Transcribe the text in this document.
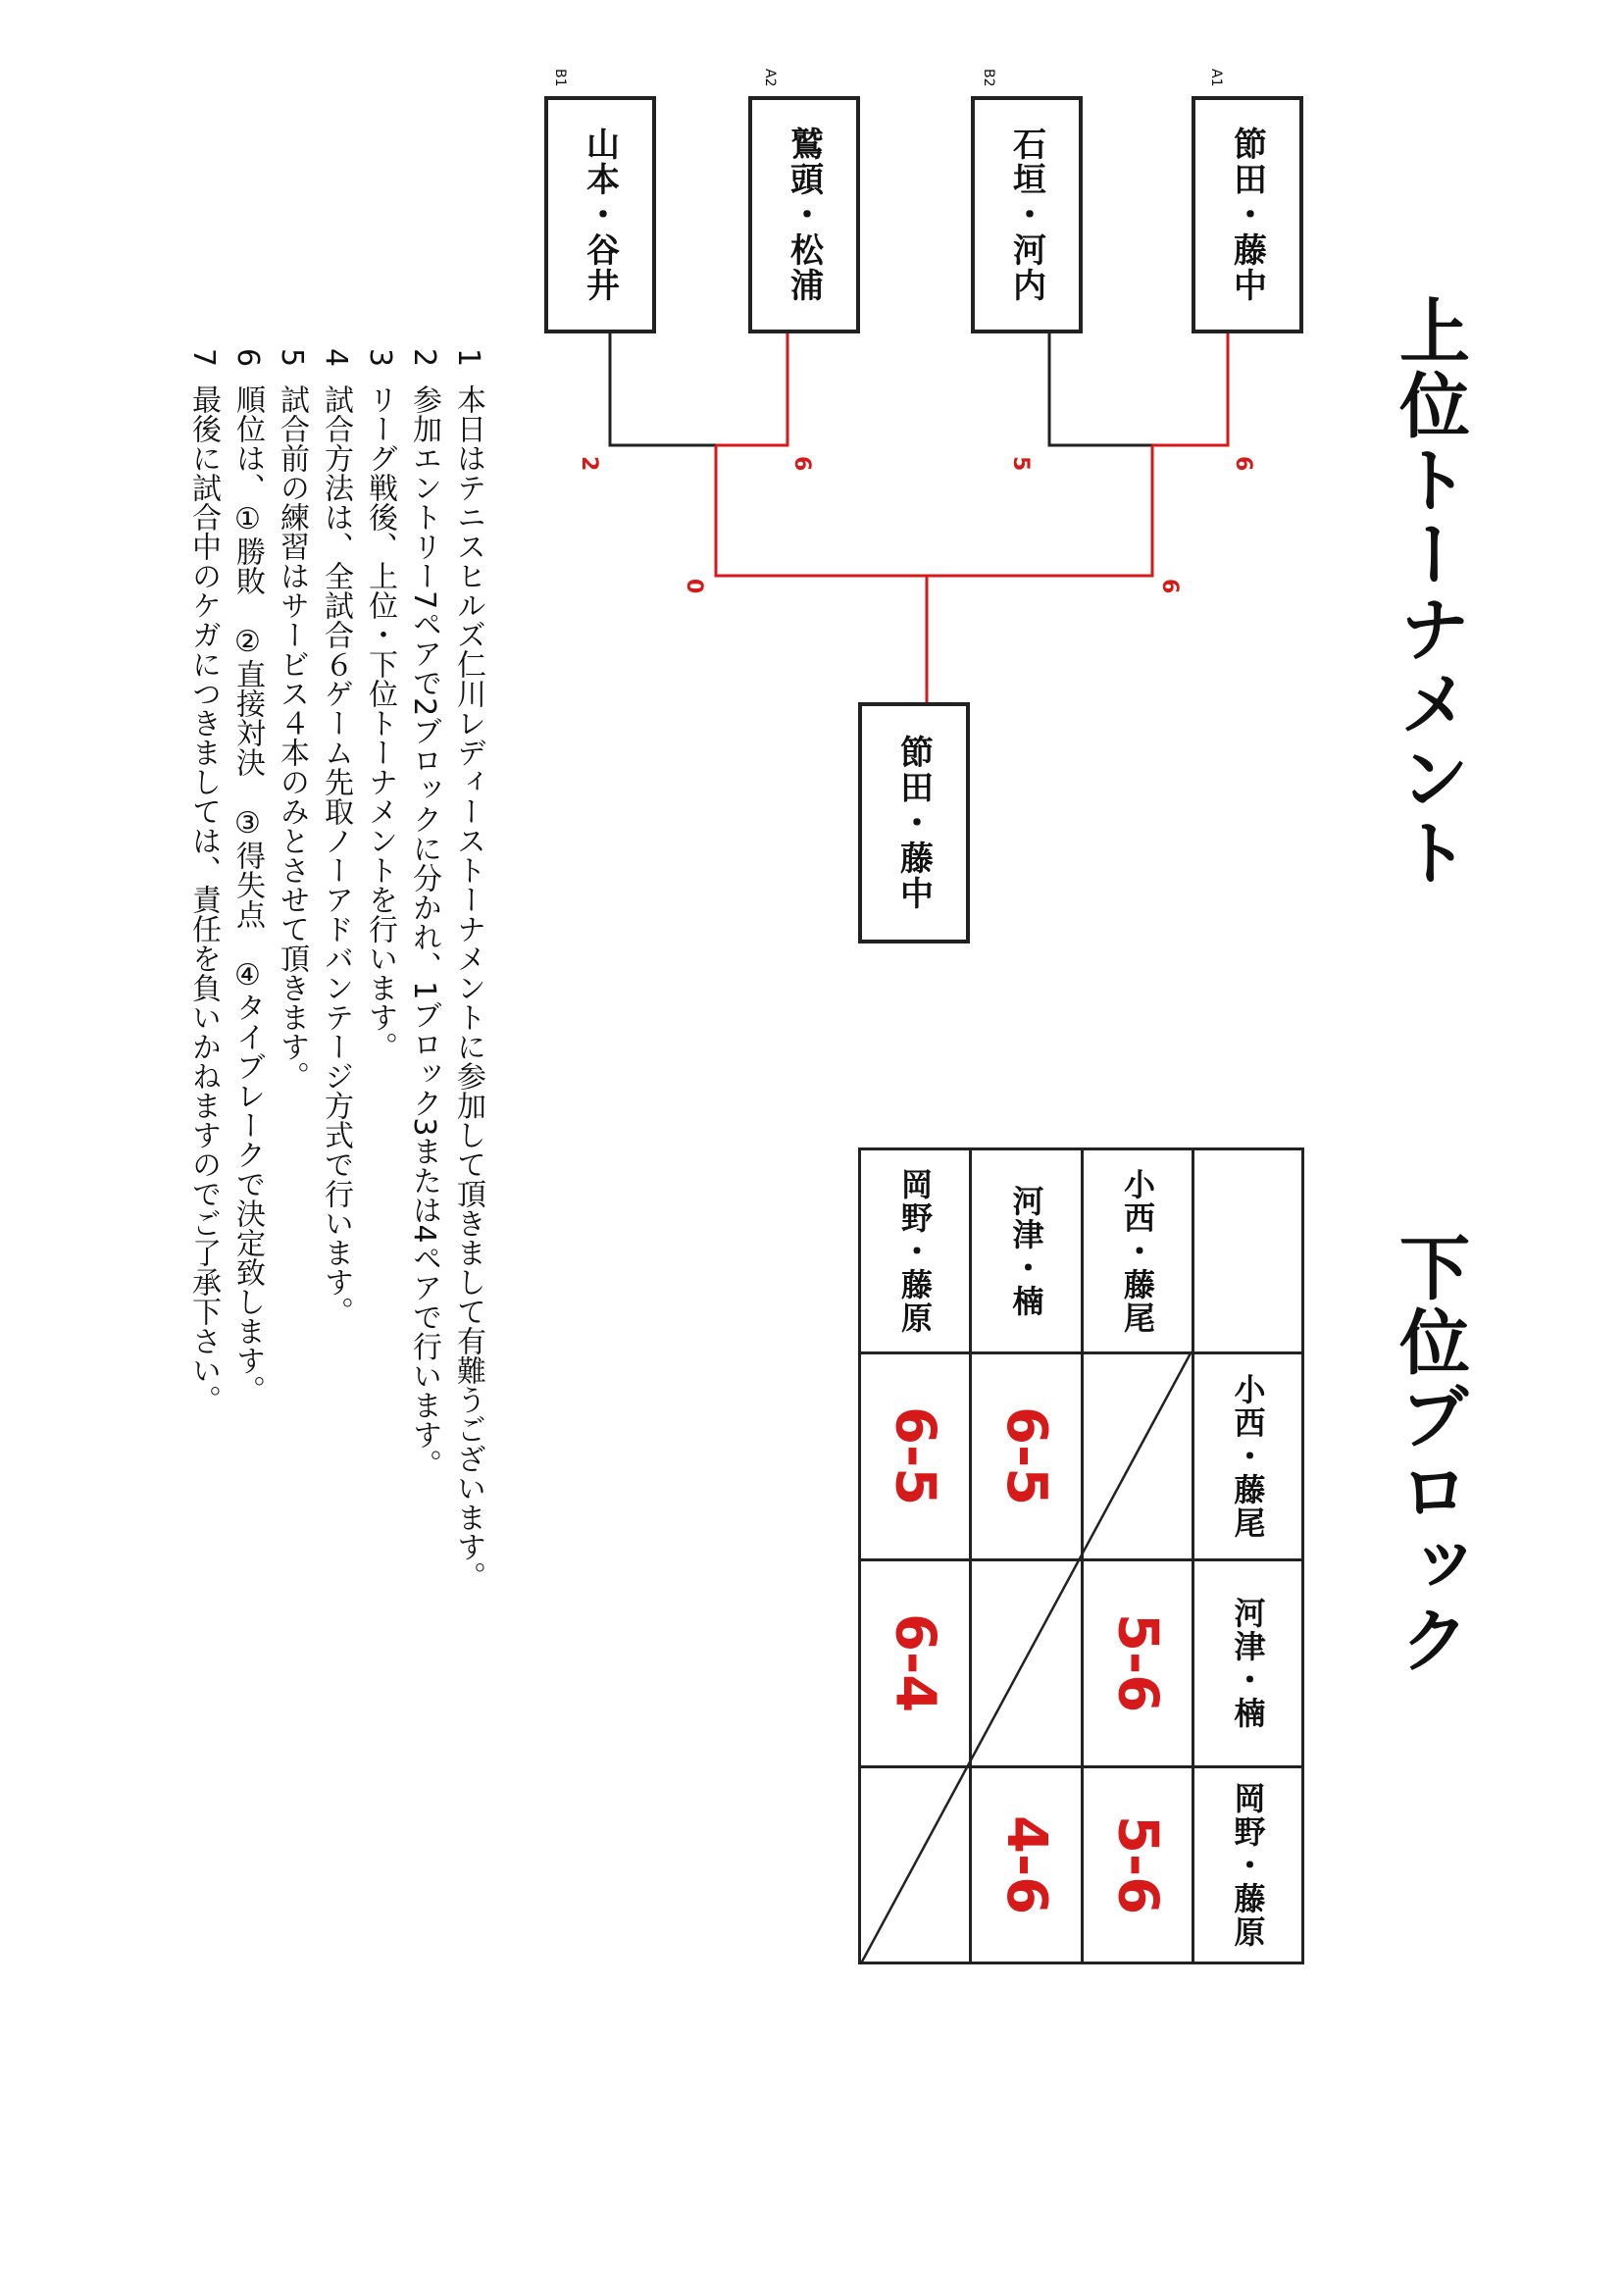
上位トーナメント
下位ブロック
A1
節田・藤中
6
B2
石垣・河内
5
A2
鷲頭・松浦
6
B1
山本・谷井
2
6
0
節田・藤中
小西・藤尾
河津・楠
岡野・藤原
小西・藤尾
河津・楠
岡野・藤原
5-6
5-6
6-5
4-6
6-5
6-4
1本日はテニスヒルズ仁川レディーストーナメントに参加して頂きまして有難うございます。
2参加エントリー7ペアで2ブロックに分かれ、1ブロック3または4ペアで行います。
3リーグ戦後、上位・下位トーナメントを行います。
4試合方法は、全試合６ゲーム先取ノーアドバンテージ方式で行います。
5試合前の練習はサービス４本のみとさせて頂きます。
6順位は、①勝敗　②直接対決　③得失点　④タイブレークで決定致します。
7最後に試合中のケガにつきましては、責任を負いかねますのでご了承下さい。
